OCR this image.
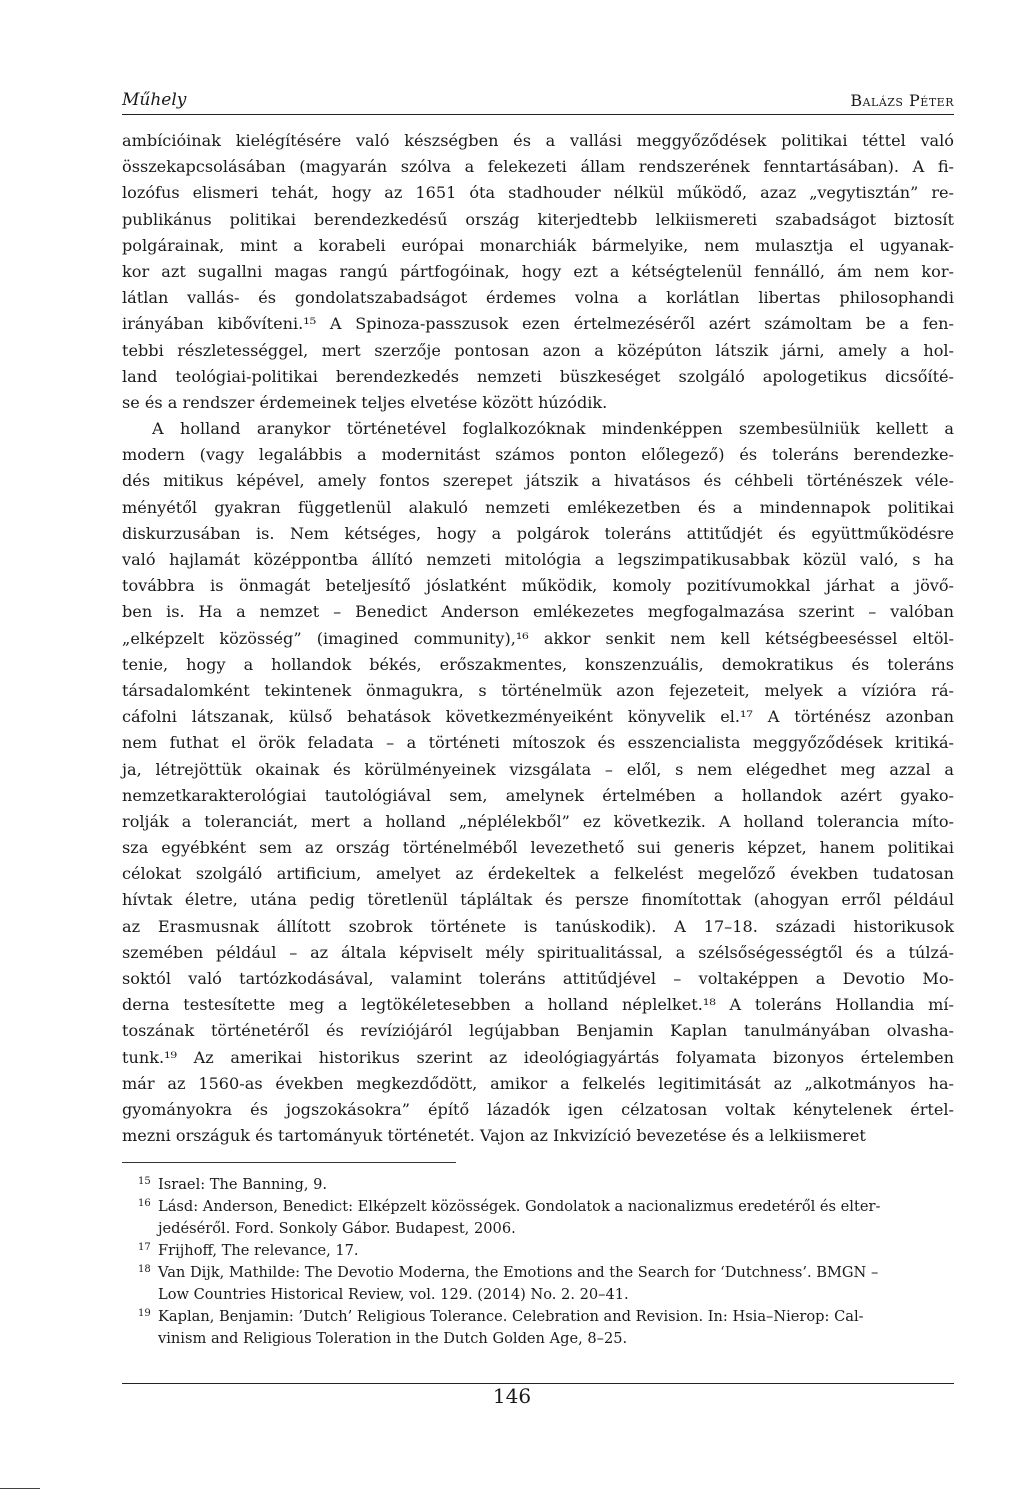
Műhely	Balázs Péter
ambícióinak kielégítésére való készségben és a vallási meggyőződések politikai téttel való
összekapcsolásában (magyarán szólva a felekezeti állam rendszerének fenntartásában). A fi-
lozófus elismeri tehát, hogy az 1651 óta stadhouder nélkül működő, azaz „vegytisztán” re-
publikánus politikai berendezkedésű ország kiterjedtebb lelkiismereti szabadságot biztosít
polgárainak, mint a korabeli európai monarchiák bármelyike, nem mulasztja el ugyanak-
kor azt sugallni magas rangú pártfogóinak, hogy ezt a kétségtelenül fennálló, ám nem kor-
látlan vallás- és gondolatszabadságot érdemes volna a korlátlan libertas philosophandi
irányában kibővíteni.¹⁵ A Spinoza-passzusok ezen értelmezéséről azért számoltam be a fen-
tebbi részletességgel, mert szerzője pontosan azon a középúton látszik járni, amely a hol-
land teológiai-politikai berendezkedés nemzeti büszkeséget szolgáló apologetikus dicsőíté-
se és a rendszer érdemeinek teljes elvetése között húzódik.
A holland aranykor történetével foglalkozóknak mindenképpen szembesülniük kellett a
modern (vagy legalábbis a modernitást számos ponton előlegező) és toleráns berendezke-
dés mitikus képével, amely fontos szerepet játszik a hivatásos és céhbeli történészek véle-
ményétől gyakran függetlenül alakuló nemzeti emlékezetben és a mindennapok politikai
diskurzusában is. Nem kétséges, hogy a polgárok toleráns attitűdjét és együttműködésre
való hajlamát középpontba állító nemzeti mitológia a legszimpatikusabbak közül való, s ha
továbbra is önmagát beteljesítő jóslatként működik, komoly pozitívumokkal járhat a jövő-
ben is. Ha a nemzet – Benedict Anderson emlékezetes megfogalmazása szerint – valóban
„elképzelt közösség” (imagined community),¹⁶ akkor senkit nem kell kétségbeeséssel eltöl-
tenie, hogy a hollandok békés, erőszakmentes, konszenzuális, demokratikus és toleráns
társadalomként tekintenek önmagukra, s történelmük azon fejezeteit, melyek a vízióra rá-
cáfolni látszanak, külső behatások következményeiként könyvelik el.¹⁷ A történész azonban
nem futhat el örök feladata – a történeti mítoszok és esszencialista meggyőződések kritiká-
ja, létrejöttük okainak és körülményeinek vizsgálata – elől, s nem elégedhet meg azzal a
nemzetkarakterológiai tautológiával sem, amelynek értelmében a hollandok azért gyako-
rolják a toleranciát, mert a holland „néplélekből” ez következik. A holland tolerancia míto-
sza egyébként sem az ország történelméből levezethető sui generis képzet, hanem politikai
célokat szolgáló artificium, amelyet az érdekeltek a felkelést megelőző években tudatosan
hívtak életre, utána pedig töretlenül tápláltak és persze finomítottak (ahogyan erről például
az Erasmusnak állított szobrok története is tanúskodik). A 17–18. századi historikusok
szemében például – az általa képviselt mély spiritualitással, a szélsőségességtől és a túlzá-
soktól való tartózkodásával, valamint toleráns attitűdjével – voltaképpen a Devotio Mo-
derna testesítette meg a legtökéletesebben a holland néplelket.¹⁸ A toleráns Hollandia mí-
toszának történetéről és revíziójáról legújabban Benjamin Kaplan tanulmányában olvasha-
tunk.¹⁹ Az amerikai historikus szerint az ideológiagyártás folyamata bizonyos értelemben
már az 1560-as években megkezdődött, amikor a felkelés legitimitását az „alkotmányos ha-
gyományokra és jogszokásokra” építő lázadók igen célzatosan voltak kénytelenek értel-
mezni országuk és tartományuk történetét. Vajon az Inkvizíció bevezetése és a lelkiismeret
15 Israel: The Banning, 9.
16 Lásd: Anderson, Benedict: Elképzelt közösségek. Gondolatok a nacionalizmus eredetéről és elter-
jedéséről. Ford. Sonkoly Gábor. Budapest, 2006.
17 Frijhoff, The relevance, 17.
18 Van Dijk, Mathilde: The Devotio Moderna, the Emotions and the Search for ‘Dutchness’. BMGN –
Low Countries Historical Review, vol. 129. (2014) No. 2. 20–41.
19 Kaplan, Benjamin: ’Dutch’ Religious Tolerance. Celebration and Revision. In: Hsia–Nierop: Cal-
vinism and Religious Toleration in the Dutch Golden Age, 8–25.
146
